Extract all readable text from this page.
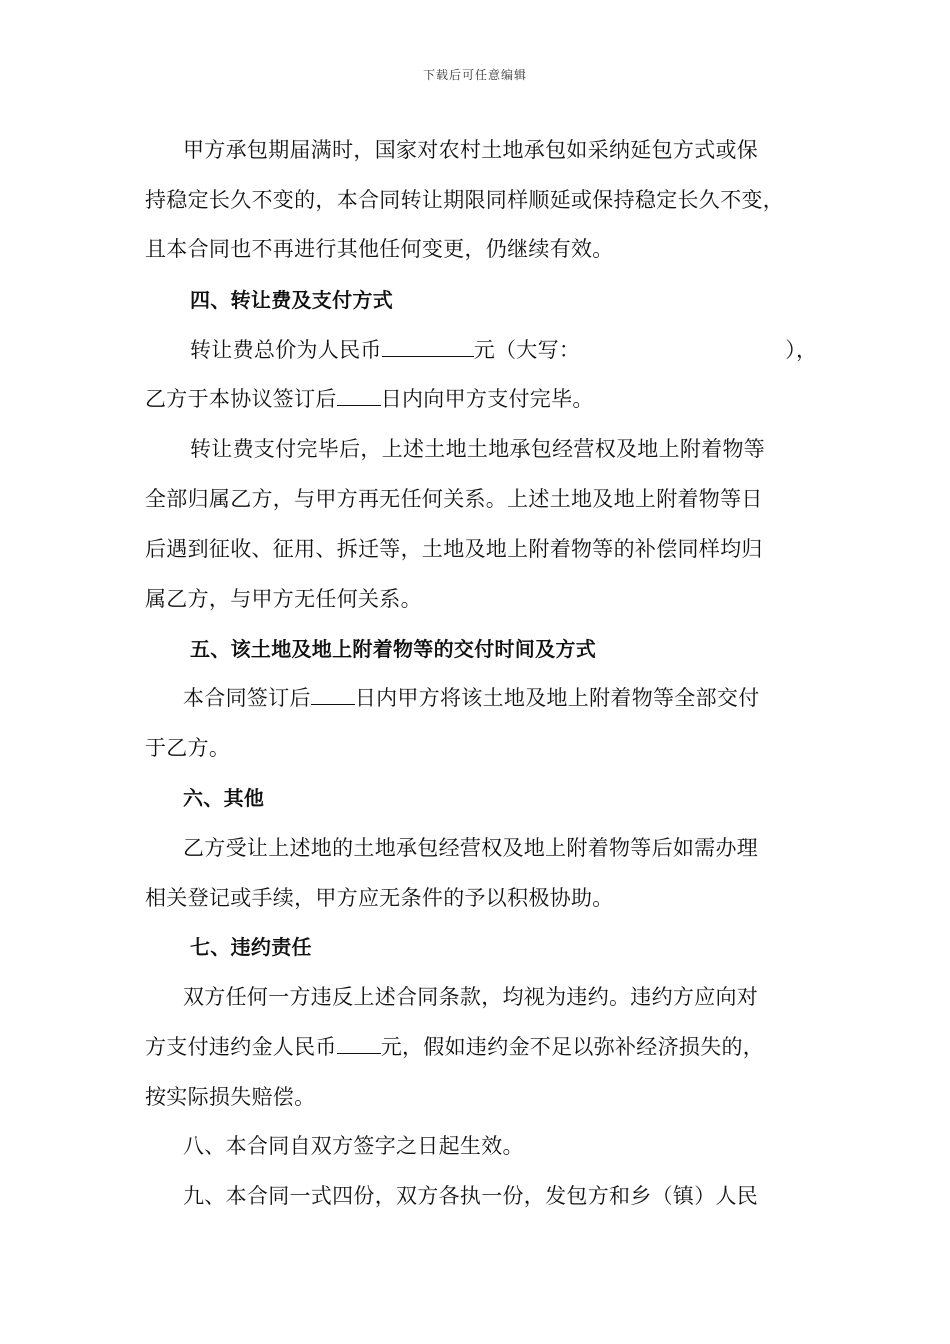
下载后可任意编辑
甲方承包期届满时，国家对农村土地承包如采纳延包方式或保
持稳定长久不变的，本合同转让期限同样顺延或保持稳定长久不变，
且本合同也不再进行其他任何变更，仍继续有效。
四、转让费及支付方式
转让费总价为人民币	元（大写：	），
乙方于本协议签订后 日内向甲方支付完毕。
转让费支付完毕后，上述土地土地承包经营权及地上附着物等
全部归属乙方，与甲方再无任何关系。上述土地及地上附着物等日
后遇到征收、征用、拆迁等，土地及地上附着物等的补偿同样均归
属乙方，与甲方无任何关系。
五、该土地及地上附着物等的交付时间及方式
本合同签订后 日内甲方将该土地及地上附着物等全部交付
于乙方。
六、其他
乙方受让上述地的土地承包经营权及地上附着物等后如需办理
相关登记或手续，甲方应无条件的予以积极协助。
七、违约责任
双方任何一方违反上述合同条款，均视为违约。违约方应向对
方支付违约金人民币 元，假如违约金不足以弥补经济损失的，
按实际损失赔偿。
八、本合同自双方签字之日起生效。
九、本合同一式四份，双方各执一份，发包方和乡（镇）人民
